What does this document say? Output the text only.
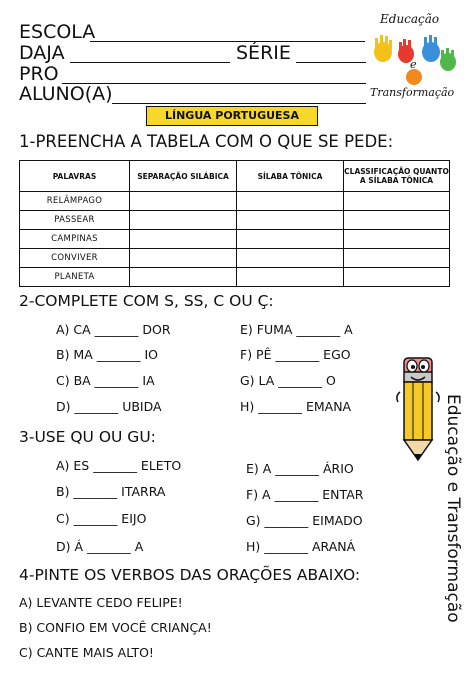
ESCOLA
DAJA	SÉRIE
PRO
ALUNO(A)
Educação
e
Transformação
LÍNGUA PORTUGUESA
1-PREENCHA A TABELA COM O QUE SE PEDE:
PALAVRAS	SEPARAÇÃO SILÁBICA	SÍLABA TÔNICA	CLASSIFICAÇÃO QUANTO A SÍLABA TÔNICA
RELÂMPAGO			
PASSEAR			
CAMPINAS			
CONVIVER			
PLANETA			
2-COMPLETE COM S, SS, C OU Ç:
A) CA _______ DOR
B) MA _______ IO
C) BA _______ IA
D) _______ UBIDA
E) FUMA _______ A
F) PÊ _______ EGO
G) LA _______ O
H) _______ EMANA
3-USE QU OU GU:
A) ES _______ ELETO
B) _______ ITARRA
C) _______ EIJO
D) Á _______ A
E) A _______ ÁRIO
F) A _______ ENTAR
G) _______ EIMADO
H) _______ ARANÁ
4-PINTE OS VERBOS DAS ORAÇÕES ABAIXO:
A) LEVANTE CEDO FELIPE!
B) CONFIO EM VOCÊ CRIANÇA!
C) CANTE MAIS ALTO!
Educação e Transformação
